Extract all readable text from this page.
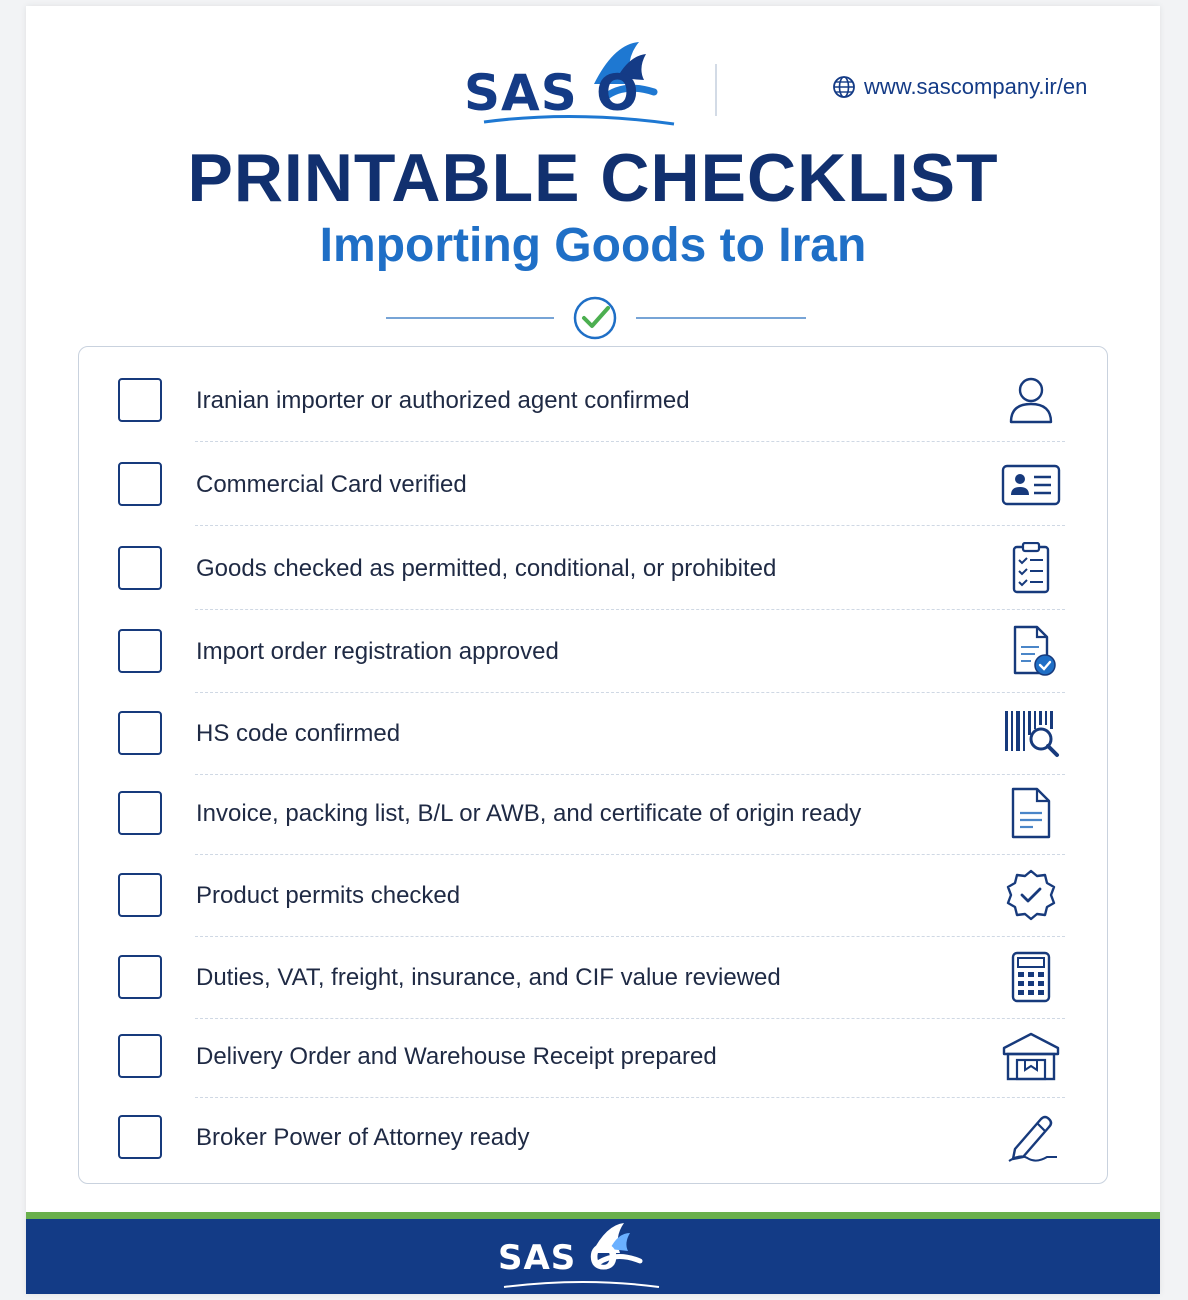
SAS O	www.sascompany.ir/en
PRINTABLE CHECKLIST
Importing Goods to Iran
Iranian importer or authorized agent confirmed
Commercial Card verified
Goods checked as permitted, conditional, or prohibited
Import order registration approved
HS code confirmed
Invoice, packing list, B/L or AWB, and certificate of origin ready
Product permits checked
Duties, VAT, freight, insurance, and CIF value reviewed
Delivery Order and Warehouse Receipt prepared
Broker Power of Attorney ready
SAS O
